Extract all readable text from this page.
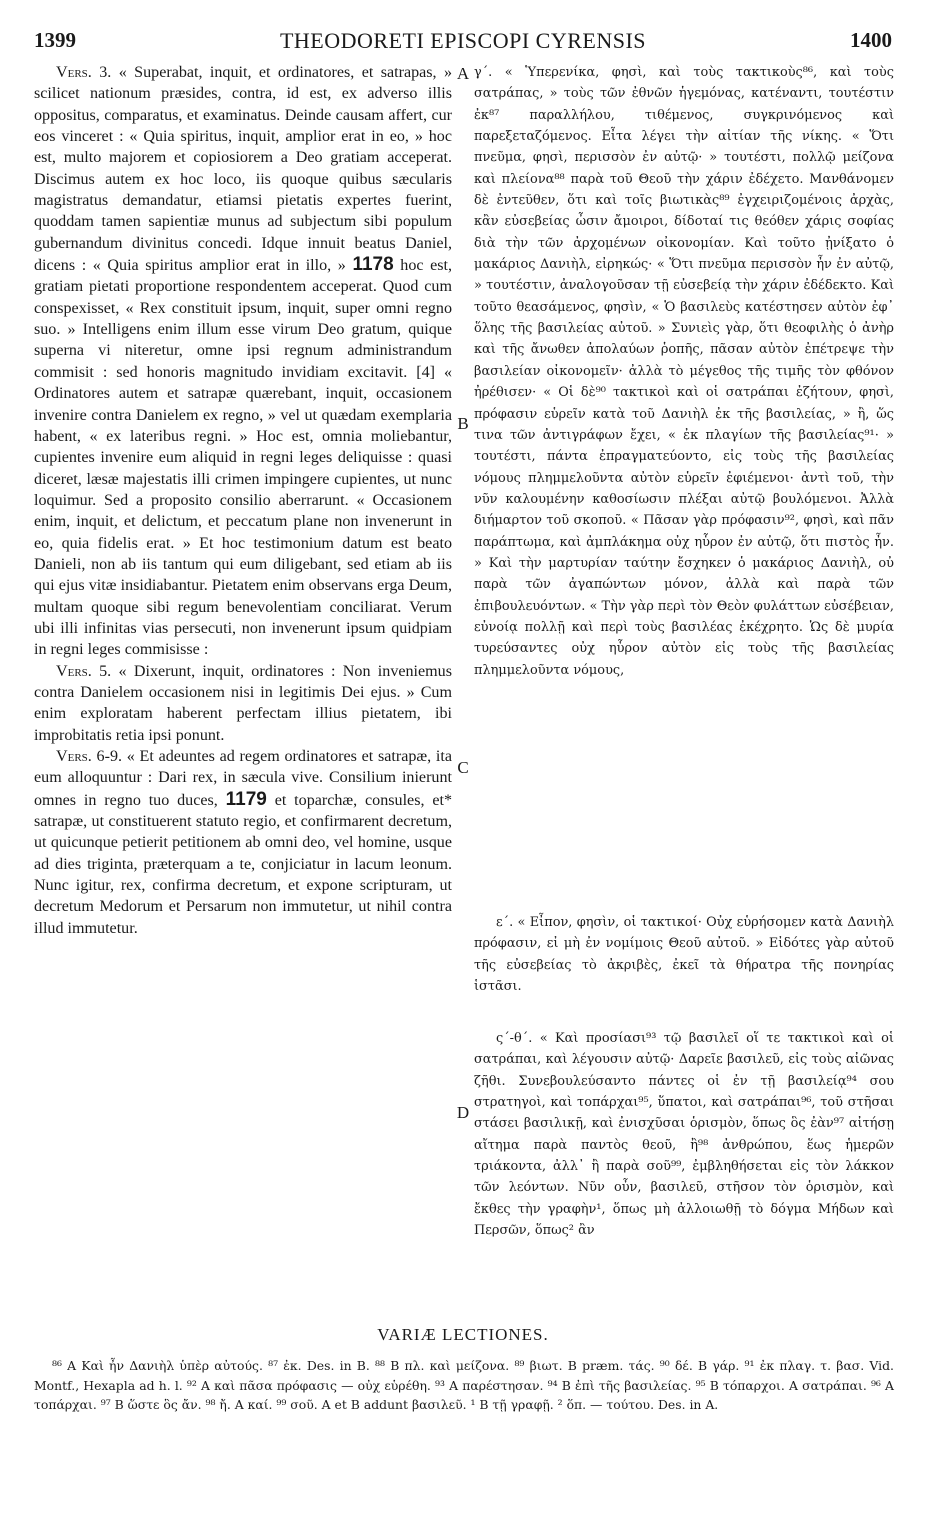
1399	THEODORETI EPISCOPI CYRENSIS	1400

Vers. 3. « Superabat, inquit, et ordinatores, et satrapas, » scilicet nationum præsides, contra, id est, ex adverso illis oppositus, comparatus, et examinatus. Deinde causam affert, cur eos vinceret : « Quia spiritus, inquit, amplior erat in eo, » hoc est, multo majorem et copiosiorem a Deo gratiam acceperat. Discimus autem ex hoc loco, iis quoque quibus sæcularis magistratus demandatur, etiamsi pietatis expertes fuerint, quoddam tamen sapientiæ munus ad subjectum sibi populum gubernandum divinitus concedi. Idque innuit beatus Daniel, dicens : « Quia spiritus amplior erat in illo, » 1178 hoc est, gratiam pietati proportione respondentem acceperat. Quod cum conspexisset, « Rex constituit ipsum, inquit, super omni regno suo. » Intelligens enim illum esse virum Deo gratum, quique superna vi niteretur, omne ipsi regnum administrandum commisit : sed honoris magnitudo invidiam excitavit. [4] « Ordinatores autem et satrapæ quærebant, inquit, occasionem invenire contra Danielem ex regno, » vel ut quædam exemplaria habent, « ex lateribus regni. » Hoc est, omnia moliebantur, cupientes invenire eum aliquid in regni leges deliquisse : quasi diceret, læsæ majestatis illi crimen impingere cupientes, ut nunc loquimur. Sed a proposito consilio aberrarunt. « Occasionem enim, inquit, et delictum, et peccatum plane non invenerunt in eo, quia fidelis erat. » Et hoc testimonium datum est beato Danieli, non ab iis tantum qui eum diligebant, sed etiam ab iis qui ejus vitæ insidiabantur. Pietatem enim observans erga Deum, multam quoque sibi regum benevolentiam conciliarat. Verum ubi illi infinitas vias persecuti, non invenerunt ipsum quidpiam in regni leges commisisse :

Vers. 5. « Dixerunt, inquit, ordinatores : Non inveniemus contra Danielem occasionem nisi in legitimis Dei ejus. » Cum enim exploratam haberent perfectam illius pietatem, ibi improbitatis retia ipsi ponunt.

Vers. 6-9. « Et adeuntes ad regem ordinatores et satrapæ, ita eum alloquuntur : Dari rex, in sæcula vive. Consilium inierunt omnes in regno tuo duces, 1179 et toparchæ, consules, et* satrapæ, ut constituerent statuto regio, et confirmarent decretum, ut quicunque petierit petitionem ab omni deo, vel homine, usque ad dies triginta, præterquam a te, conjiciatur in lacum leonum. Nunc igitur, rex, confirma decretum, et expone scripturam, ut decretum Medorum et Persarum non immutetur, ut nihil contra illud immutetur.

A
B
C
D

γ΄. « Ὑπερενίκα, φησὶ, καὶ τοὺς τακτικοὺς⁸⁶, καὶ τοὺς σατράπας, » τοὺς τῶν ἐθνῶν ἡγεμόνας, κατέναντι, τουτέστιν ἐκ⁸⁷ παραλλήλου, τιθέμενος, συγκρινόμενος καὶ παρεξεταζόμενος. Εἶτα λέγει τὴν αἰτίαν τῆς νίκης. « Ὅτι πνεῦμα, φησὶ, περισσὸν ἐν αὐτῷ· » τουτέστι, πολλῷ μείζονα καὶ πλείονα⁸⁸ παρὰ τοῦ Θεοῦ τὴν χάριν ἐδέχετο. Μανθάνομεν δὲ ἐντεῦθεν, ὅτι καὶ τοῖς βιωτικὰς⁸⁹ ἐγχειριζομένοις ἀρχὰς, κἂν εὐσεβείας ὦσιν ἄμοιροι, δίδοταί τις θεόθεν χάρις σοφίας διὰ τὴν τῶν ἀρχομένων οἰκονομίαν. Καὶ τοῦτο ᾐνίξατο ὁ μακάριος Δανιὴλ, εἰρηκώς· « Ὅτι πνεῦμα περισσὸν ἦν ἐν αὐτῷ, » τουτέστιν, ἀναλογοῦσαν τῇ εὐσεβείᾳ τὴν χάριν ἐδέδεκτο. Καὶ τοῦτο θεασάμενος, φησὶν, « Ὁ βασιλεὺς κατέστησεν αὐτὸν ἐφ᾽ ὅλης τῆς βασιλείας αὐτοῦ. » Συνιεὶς γὰρ, ὅτι θεοφιλὴς ὁ ἀνὴρ καὶ τῆς ἄνωθεν ἀπολαύων ῥοπῆς, πᾶσαν αὐτὸν ἐπέτρεψε τὴν βασιλείαν οἰκονομεῖν· ἀλλὰ τὸ μέγεθος τῆς τιμῆς τὸν φθόνον ἠρέθισεν· « Οἱ δὲ⁹⁰ τακτικοὶ καὶ οἱ σατράπαι ἐζήτουν, φησὶ, πρόφασιν εὑρεῖν κατὰ τοῦ Δανιὴλ ἐκ τῆς βασιλείας, » ἢ, ὥς τινα τῶν ἀντιγράφων ἔχει, « ἐκ πλαγίων τῆς βασιλείας⁹¹· » τουτέστι, πάντα ἐπραγματεύοντο, εἰς τοὺς τῆς βασιλείας νόμους πλημμελοῦντα αὐτὸν εὑρεῖν ἐφιέμενοι· ἀντὶ τοῦ, τὴν νῦν καλουμένην καθοσίωσιν πλέξαι αὐτῷ βουλόμενοι. Ἀλλὰ διήμαρτον τοῦ σκοποῦ. « Πᾶσαν γὰρ πρόφασιν⁹², φησὶ, καὶ πᾶν παράπτωμα, καὶ ἀμπλάκημα οὐχ ηὗρον ἐν αὐτῷ, ὅτι πιστὸς ἦν. » Καὶ τὴν μαρτυρίαν ταύτην ἔσχηκεν ὁ μακάριος Δανιὴλ, οὐ παρὰ τῶν ἀγαπώντων μόνον, ἀλλὰ καὶ παρὰ τῶν ἐπιβουλευόντων. « Τὴν γὰρ περὶ τὸν Θεὸν φυλάττων εὐσέβειαν, εὐνοίᾳ πολλῇ καὶ περὶ τοὺς βασιλέας ἐκέχρητο. Ὡς δὲ μυρία τυρεύσαντες οὐχ ηὗρον αὐτὸν εἰς τοὺς τῆς βασιλείας πλημμελοῦντα νόμους,

ε΄. « Εἶπον, φησὶν, οἱ τακτικοί· Οὐχ εὑρήσομεν κατὰ Δανιὴλ πρόφασιν, εἰ μὴ ἐν νομίμοις Θεοῦ αὐτοῦ. » Εἰδότες γὰρ αὐτοῦ τῆς εὐσεβείας τὸ ἀκριβὲς, ἐκεῖ τὰ θήρατρα τῆς πονηρίας ἱστᾶσι.

ς΄-θ΄. « Καὶ προσίασι⁹³ τῷ βασιλεῖ οἵ τε τακτικοὶ καὶ οἱ σατράπαι, καὶ λέγουσιν αὐτῷ· Δαρεῖε βασιλεῦ, εἰς τοὺς αἰῶνας ζῆθι. Συνεβουλεύσαντο πάντες οἱ ἐν τῇ βασιλείᾳ⁹⁴ σου στρατηγοὶ, καὶ τοπάρχαι⁹⁵, ὕπατοι, καὶ σατράπαι⁹⁶, τοῦ στῆσαι στάσει βασιλικῇ, καὶ ἐνισχῦσαι ὁρισμὸν, ὅπως ὃς ἐὰν⁹⁷ αἰτήσῃ αἴτημα παρὰ παντὸς θεοῦ, ἢ⁹⁸ ἀνθρώπου, ἕως ἡμερῶν τριάκοντα, ἀλλ᾽ ἢ παρὰ σοῦ⁹⁹, ἐμβληθήσεται εἰς τὸν λάκκον τῶν λεόντων. Νῦν οὖν, βασιλεῦ, στῆσον τὸν ὁρισμὸν, καὶ ἔκθες τὴν γραφὴν¹, ὅπως μὴ ἀλλοιωθῇ τὸ δόγμα Μήδων καὶ Περσῶν, ὅπως² ἂν

VARIÆ LECTIONES.

⁸⁶ A Καὶ ἦν Δανιὴλ ὑπὲρ αὐτούς. ⁸⁷ ἐκ. Des. in B. ⁸⁸ B πλ. καὶ μείζονα. ⁸⁹ βιωτ. B præm. τάς. ⁹⁰ δέ. B γάρ. ⁹¹ ἐκ πλαγ. τ. βασ. Vid. Montf., Hexapla ad h. l. ⁹² A καὶ πᾶσα πρόφασις — οὐχ εὑρέθη. ⁹³ A παρέστησαν. ⁹⁴ B ἐπὶ τῆς βασιλείας. ⁹⁵ B τόπαρχοι. A σατράπαι. ⁹⁶ A τοπάρχαι. ⁹⁷ B ὥστε ὃς ἄν. ⁹⁸ ἤ. A καί. ⁹⁹ σοῦ. A et B addunt βασιλεῦ. ¹ B τῇ γραφῇ. ² ὅπ. — τούτου. Des. in A.
